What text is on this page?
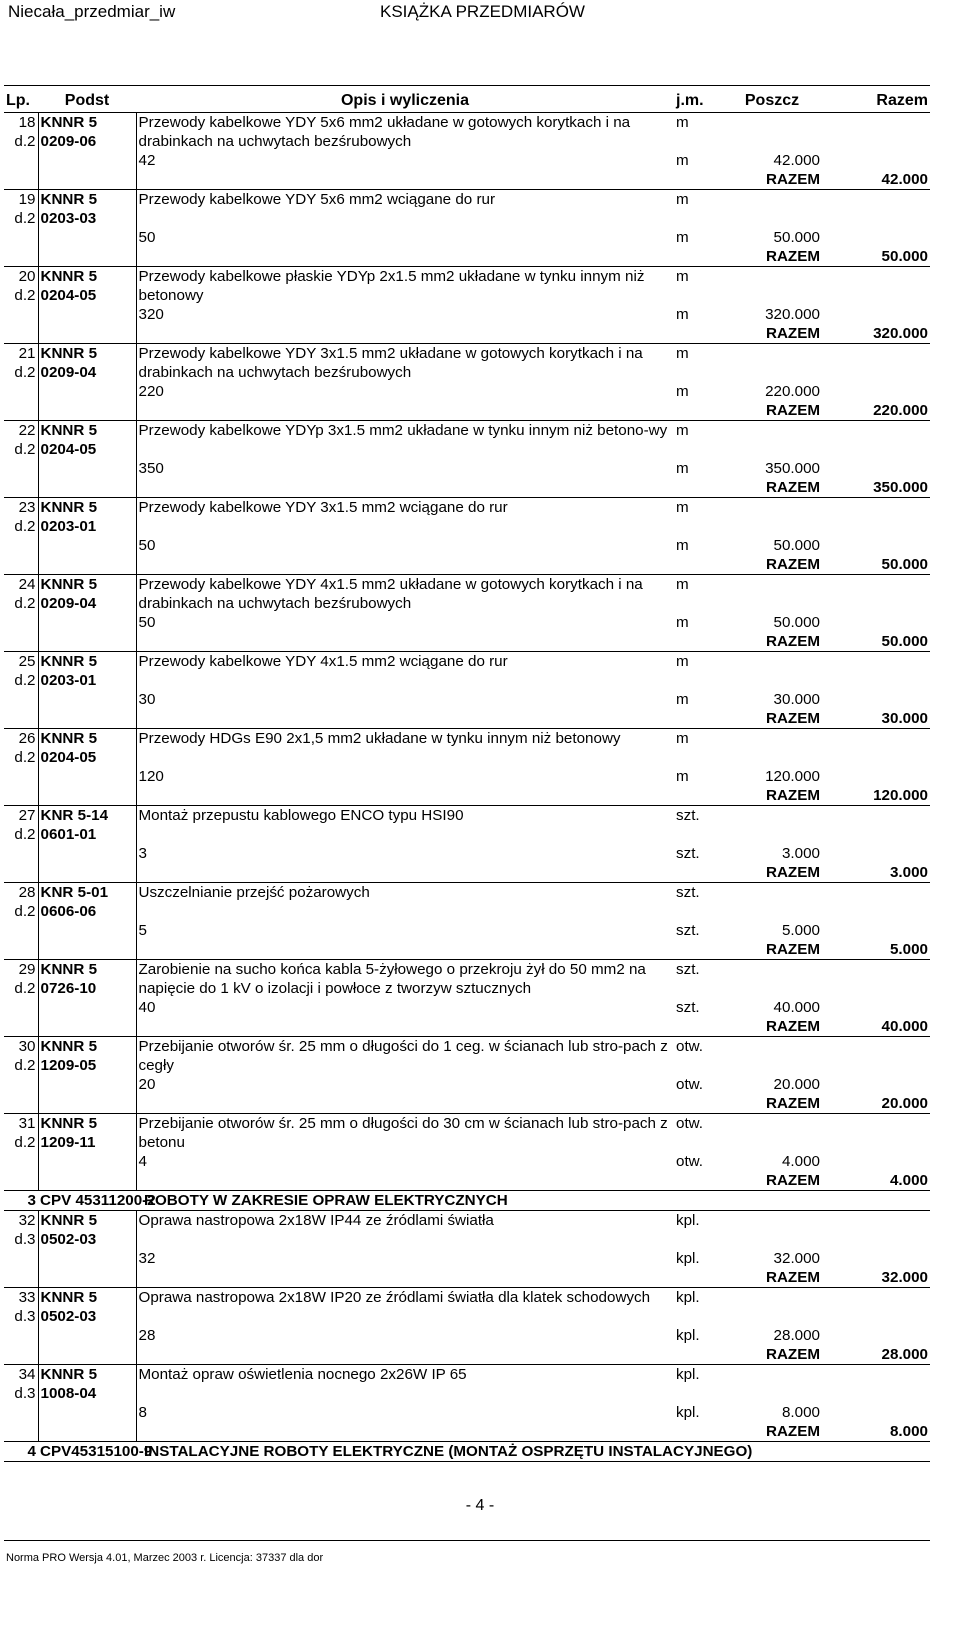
Niecała_przedmiar_iw	KSIĄŻKA PRZEDMIARÓW
Lp.	Podst	Opis i wyliczenia	j.m.	Poszcz	Razem
18	KNNR 5	Przewody kabelkowe YDY 5x6 mm2 układane w gotowych korytkach i na drabinkach na uchwytach bezśrubowych	m		
d.2	0209-06				
		42	m	42.000	
				RAZEM	42.000
19	KNNR 5	Przewody kabelkowe YDY 5x6 mm2 wciągane do rur	m		
d.2	0203-03				
		50	m	50.000	
				RAZEM	50.000
20	KNNR 5	Przewody kabelkowe płaskie YDYp 2x1.5 mm2 układane w tynku innym niż betonowy	m		
d.2	0204-05				
		320	m	320.000	
				RAZEM	320.000
21	KNNR 5	Przewody kabelkowe YDY 3x1.5 mm2 układane w gotowych korytkach i na drabinkach na uchwytach bezśrubowych	m		
d.2	0209-04				
		220	m	220.000	
				RAZEM	220.000
22	KNNR 5	Przewody kabelkowe YDYp 3x1.5 mm2 układane w tynku innym niż betono-wy	m		
d.2	0204-05				
		350	m	350.000	
				RAZEM	350.000
23	KNNR 5	Przewody kabelkowe YDY 3x1.5 mm2 wciągane do rur	m		
d.2	0203-01				
		50	m	50.000	
				RAZEM	50.000
24	KNNR 5	Przewody kabelkowe YDY 4x1.5 mm2 układane w gotowych korytkach i na drabinkach na uchwytach bezśrubowych	m		
d.2	0209-04				
		50	m	50.000	
				RAZEM	50.000
25	KNNR 5	Przewody kabelkowe YDY 4x1.5 mm2 wciągane do rur	m		
d.2	0203-01				
		30	m	30.000	
				RAZEM	30.000
26	KNNR 5	Przewody HDGs E90 2x1,5 mm2 układane w tynku innym niż betonowy	m		
d.2	0204-05				
		120	m	120.000	
				RAZEM	120.000
27	KNR 5-14	Montaż przepustu kablowego ENCO typu HSI90	szt.		
d.2	0601-01				
		3	szt.	3.000	
				RAZEM	3.000
28	KNR 5-01	Uszczelnianie przejść pożarowych	szt.		
d.2	0606-06				
		5	szt.	5.000	
				RAZEM	5.000
29	KNNR 5	Zarobienie na sucho końca kabla 5-żyłowego o przekroju żył do 50 mm2 na napięcie do 1 kV o izolacji i powłoce z tworzyw sztucznych	szt.		
d.2	0726-10				
		40	szt.	40.000	
				RAZEM	40.000
30	KNNR 5	Przebijanie otworów śr. 25 mm o długości do 1 ceg. w ścianach lub stro-pach z cegły	otw.		
d.2	1209-05				
		20	otw.	20.000	
				RAZEM	20.000
31	KNNR 5	Przebijanie otworów śr. 25 mm o długości do 30 cm w ścianach lub stro-pach z betonu	otw.		
d.2	1209-11				
		4	otw.	4.000	
				RAZEM	4.000
3	CPV 45311200-2	ROBOTY W ZAKRESIE OPRAW ELEKTRYCZNYCH			
32	KNNR 5	Oprawa nastropowa 2x18W IP44 ze źródlami światła	kpl.		
d.3	0502-03				
		32	kpl.	32.000	
				RAZEM	32.000
33	KNNR 5	Oprawa nastropowa 2x18W IP20 ze źródlami światła dla klatek schodowych	kpl.		
d.3	0502-03				
		28	kpl.	28.000	
				RAZEM	28.000
34	KNNR 5	Montaż opraw oświetlenia nocnego 2x26W IP 65	kpl.		
d.3	1008-04				
		8	kpl.	8.000	
				RAZEM	8.000
4	CPV45315100-9	INSTALACYJNE ROBOTY ELEKTRYCZNE (MONTAŻ OSPRZĘTU INSTALACYJNEGO)			
- 4 -
Norma PRO Wersja 4.01, Marzec 2003 r. Licencja: 37337 dla dor
